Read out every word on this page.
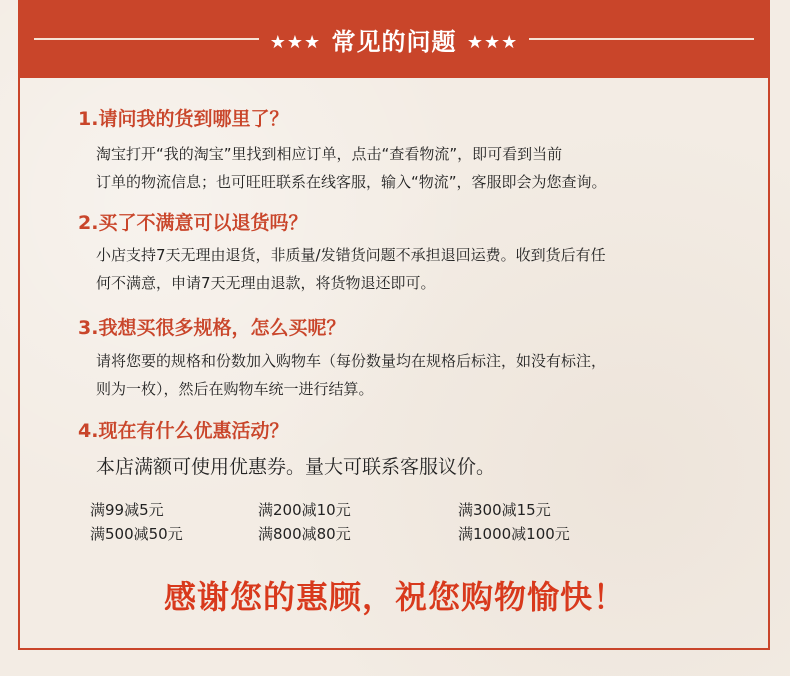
★★★ 常见的问题 ★★★
1.请问我的货到哪里了？
淘宝打开“我的淘宝”里找到相应订单，点击“查看物流”，即可看到当前
订单的物流信息；也可旺旺联系在线客服，输入“物流”，客服即会为您查询。
2.买了不满意可以退货吗？
小店支持7天无理由退货，非质量/发错货问题不承担退回运费。收到货后有任
何不满意，申请7天无理由退款，将货物退还即可。
3.我想买很多规格，怎么买呢？
请将您要的规格和份数加入购物车（每份数量均在规格后标注，如没有标注，
则为一枚），然后在购物车统一进行结算。
4.现在有什么优惠活动？
本店满额可使用优惠券。量大可联系客服议价。
满99减5元	满200减10元	满300减15元
满500减50元	满800减80元	满1000减100元
感谢您的惠顾，祝您购物愉快！
